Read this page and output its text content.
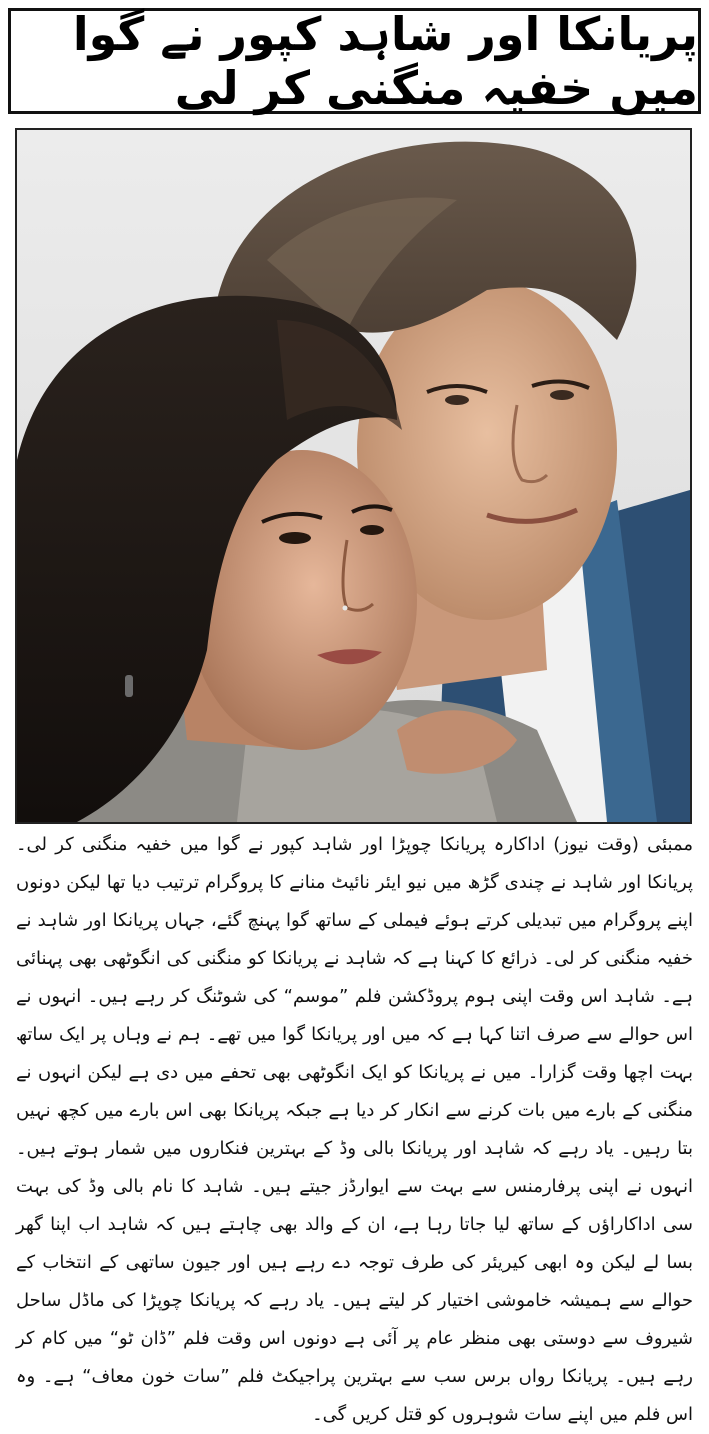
پریانکا اور شاہد کپور نے گوا میں خفیہ منگنی کر لی

ممبئی (وقت نیوز) اداکارہ پریانکا چوپڑا اور شاہد کپور نے گوا میں خفیہ منگنی کر لی۔ پریانکا اور شاہد نے چندی گڑھ میں نیو ایئر نائیٹ منانے کا پروگرام ترتیب دیا تھا لیکن دونوں اپنے پروگرام میں تبدیلی کرتے ہوئے فیملی کے ساتھ گوا پہنچ گئے، جہاں پریانکا اور شاہد نے خفیہ منگنی کر لی۔ ذرائع کا کہنا ہے کہ شاہد نے پریانکا کو منگنی کی انگوٹھی بھی پہنائی ہے۔ شاہد اس وقت اپنی ہوم پروڈکشن فلم ”موسم“ کی شوٹنگ کر رہے ہیں۔ انہوں نے اس حوالے سے صرف اتنا کہا ہے کہ میں اور پریانکا گوا میں تھے۔ ہم نے وہاں پر ایک ساتھ بہت اچھا وقت گزارا۔ میں نے پریانکا کو ایک انگوٹھی بھی تحفے میں دی ہے لیکن انہوں نے منگنی کے بارے میں بات کرنے سے انکار کر دیا ہے جبکہ پریانکا بھی اس بارے میں کچھ نہیں بتا رہیں۔ یاد رہے کہ شاہد اور پریانکا بالی وڈ کے بہترین فنکاروں میں شمار ہوتے ہیں۔ انہوں نے اپنی پرفارمنس سے بہت سے ایوارڈز جیتے ہیں۔ شاہد کا نام بالی وڈ کی بہت سی اداکاراؤں کے ساتھ لیا جاتا رہا ہے، ان کے والد بھی چاہتے ہیں کہ شاہد اب اپنا گھر بسا لے لیکن وہ ابھی کیریئر کی طرف توجہ دے رہے ہیں اور جیون ساتھی کے انتخاب کے حوالے سے ہمیشہ خاموشی اختیار کر لیتے ہیں۔ یاد رہے کہ پریانکا چوپڑا کی ماڈل ساحل شیروف سے دوستی بھی منظر عام پر آئی ہے دونوں اس وقت فلم ”ڈان ٹو“ میں کام کر رہے ہیں۔ پریانکا رواں برس سب سے بہترین پراجیکٹ فلم ”سات خون معاف“ ہے۔ وہ اس فلم میں اپنے سات شوہروں کو قتل کریں گی۔
